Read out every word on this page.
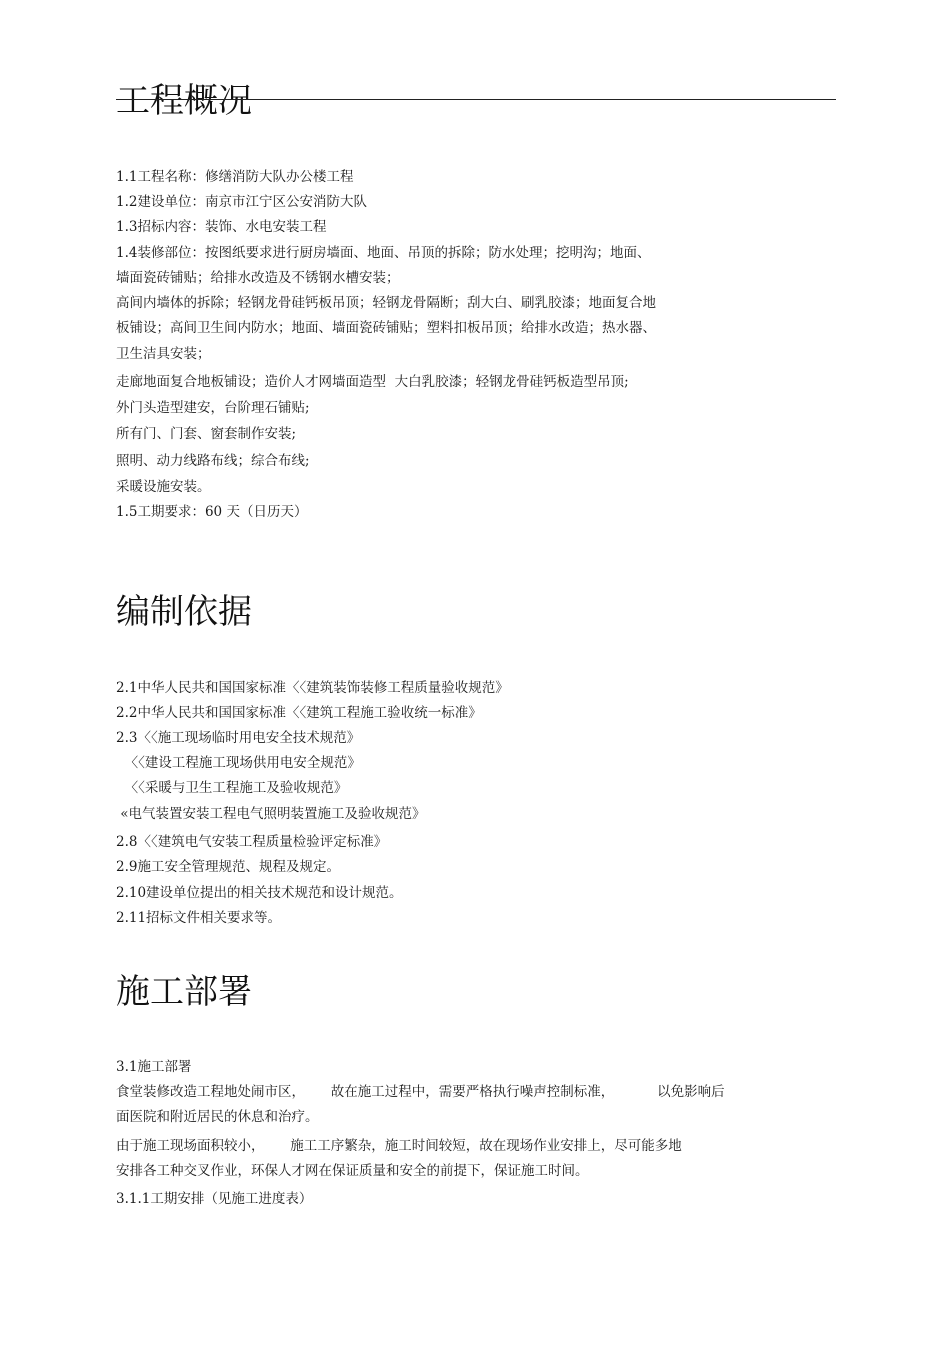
工程概况
1.1工程名称：修缮消防大队办公楼工程
1.2建设单位：南京市江宁区公安消防大队
1.3招标内容：装饰、水电安装工程
1.4装修部位：按图纸要求进行厨房墙面、地面、吊顶的拆除；防水处理；挖明沟；地面、
墙面瓷砖铺贴；给排水改造及不锈钢水槽安装；
高间内墙体的拆除；轻钢龙骨硅钙板吊顶；轻钢龙骨隔断；刮大白、刷乳胶漆；地面复合地
板铺设；高间卫生间内防水；地面、墙面瓷砖铺贴；塑料扣板吊顶；给排水改造；热水器、
卫生洁具安装；
走廊地面复合地板铺设；造价人才网墙面造型  大白乳胶漆；轻钢龙骨硅钙板造型吊顶;
外门头造型建安，台阶理石铺贴;
所有门、门套、窗套制作安装;
照明、动力线路布线；综合布线;
采暖设施安装。
1.5工期要求：60 天（日历天）
编制依据
2.1中华人民共和国国家标准〈〈建筑装饰装修工程质量验收规范》
2.2中华人民共和国国家标准〈〈建筑工程施工验收统一标准》
2.3〈〈施工现场临时用电安全技术规范》
〈〈建设工程施工现场供用电安全规范》
〈〈采暖与卫生工程施工及验收规范》
«电气装置安装工程电气照明装置施工及验收规范》
2.8〈〈建筑电气安装工程质量检验评定标准》
2.9施工安全管理规范、规程及规定。
2.10建设单位提出的相关技术规范和设计规范。
2.11招标文件相关要求等。
施工部署
3.1施工部署
食堂装修改造工程地处闹市区，      故在施工过程中，需要严格执行噪声控制标准，          以免影响后
面医院和附近居民的休息和治疗。
由于施工现场面积较小，      施工工序繁杂，施工时间较短，故在现场作业安排上，尽可能多地
安排各工种交叉作业，环保人才网在保证质量和安全的前提下，保证施工时间。
3.1.1工期安排（见施工进度表）
